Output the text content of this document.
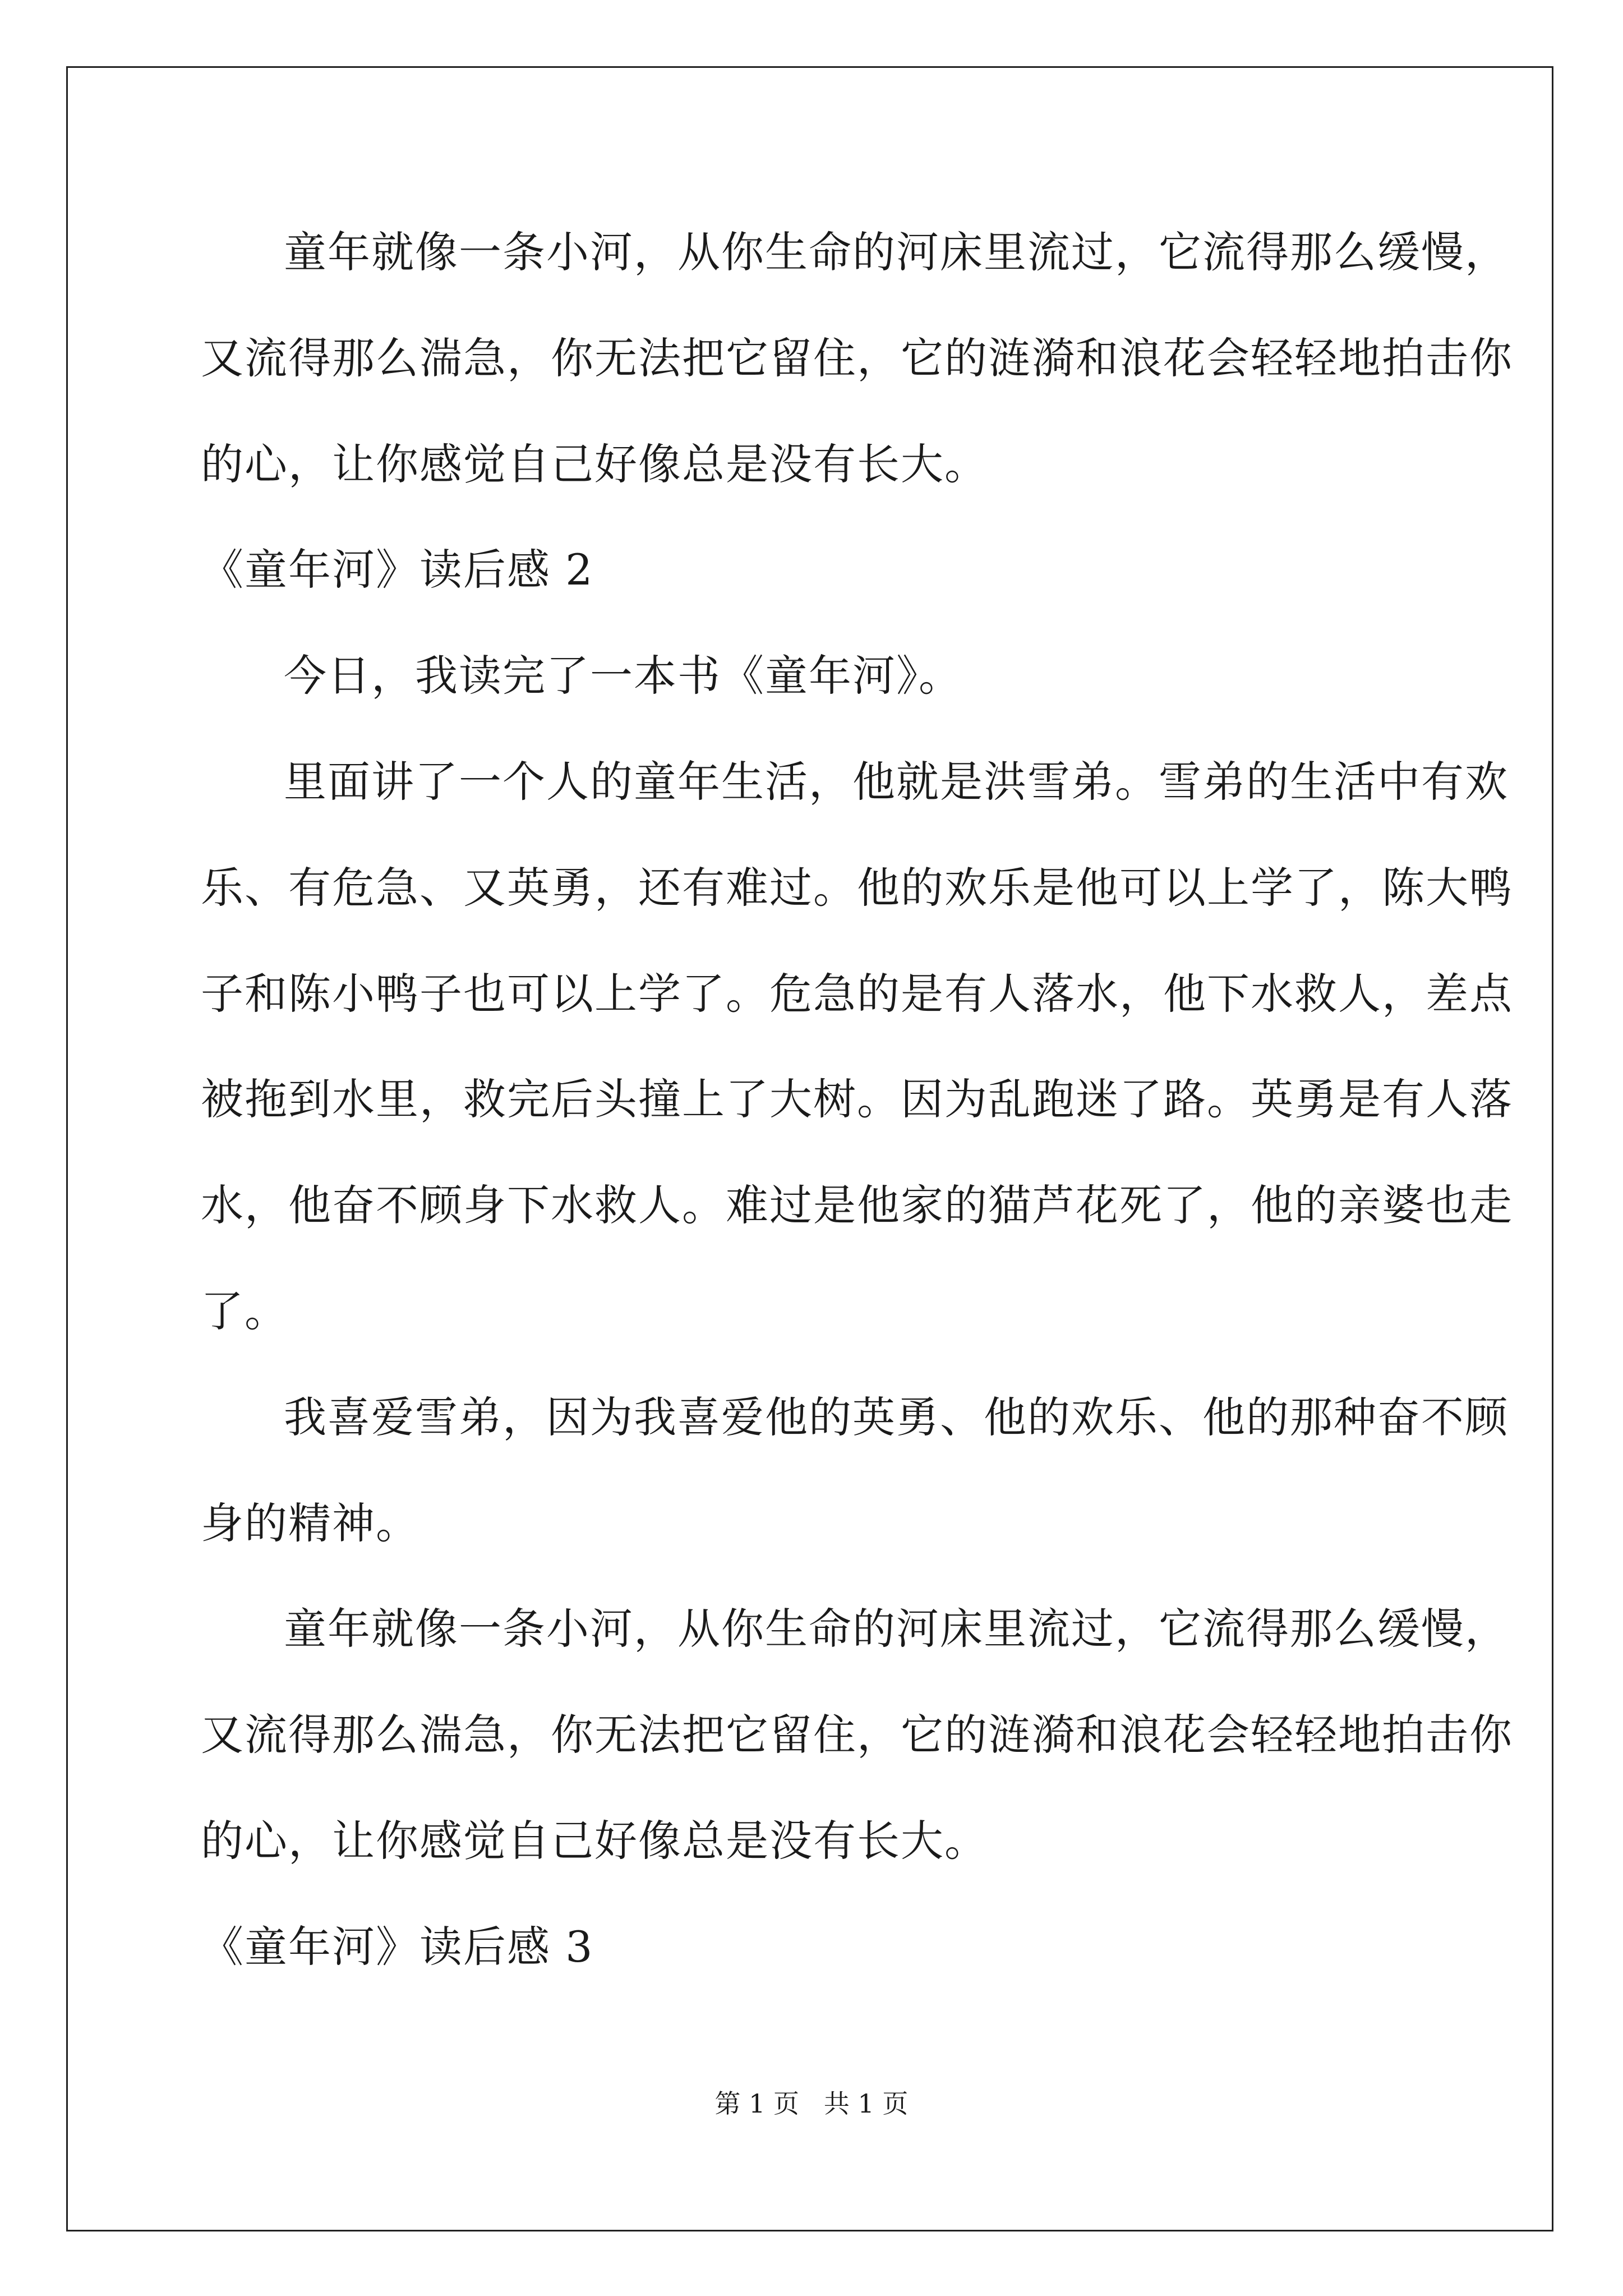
童年就像一条小河，从你生命的河床里流过，它流得那么缓慢，
又流得那么湍急，你无法把它留住，它的涟漪和浪花会轻轻地拍击你
的心，让你感觉自己好像总是没有长大。
《童年河》读后感 2
今日，我读完了一本书《童年河》。
里面讲了一个人的童年生活，他就是洪雪弟。雪弟的生活中有欢
乐、有危急、又英勇，还有难过。他的欢乐是他可以上学了，陈大鸭
子和陈小鸭子也可以上学了。危急的是有人落水，他下水救人，差点
被拖到水里，救完后头撞上了大树。因为乱跑迷了路。英勇是有人落
水，他奋不顾身下水救人。难过是他家的猫芦花死了，他的亲婆也走
了。
我喜爱雪弟，因为我喜爱他的英勇、他的欢乐、他的那种奋不顾
身的精神。
童年就像一条小河，从你生命的河床里流过，它流得那么缓慢，
又流得那么湍急，你无法把它留住，它的涟漪和浪花会轻轻地拍击你
的心，让你感觉自己好像总是没有长大。
《童年河》读后感 3
第 1 页   共 1 页
